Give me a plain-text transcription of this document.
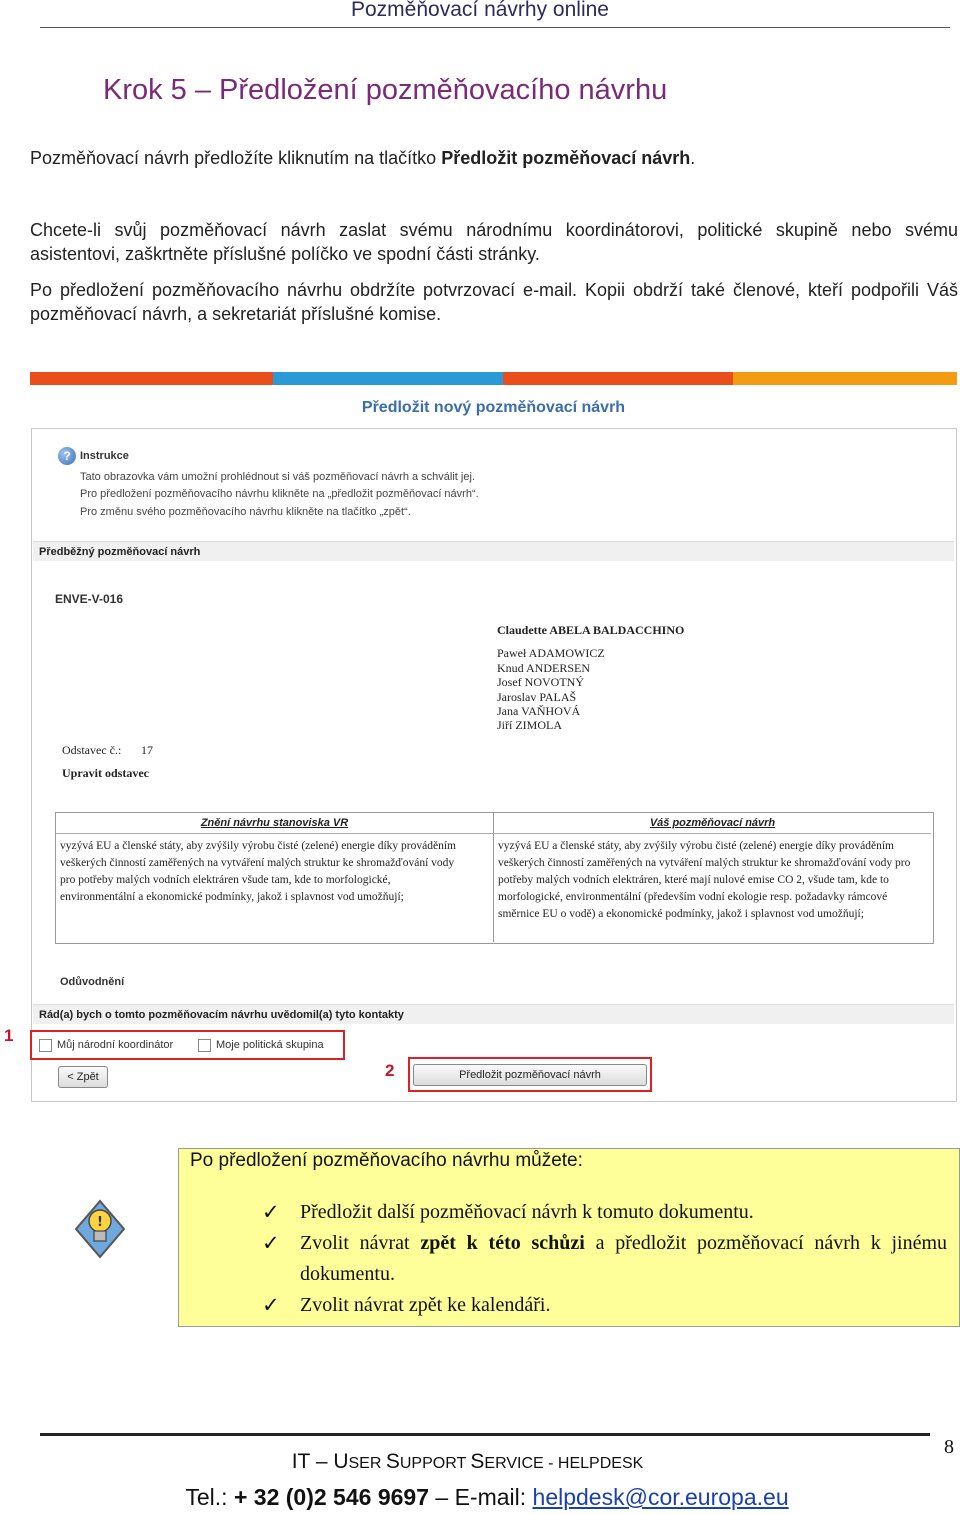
Pozměňovací návrhy online
Krok 5 – Předložení pozměňovacího návrhu
Pozměňovací návrh předložíte kliknutím na tlačítko Předložit pozměňovací návrh.
Chcete-li svůj pozměňovací návrh zaslat svému národnímu koordinátorovi, politické skupině nebo svému asistentovi, zaškrtněte příslušné políčko ve spodní části stránky.
Po předložení pozměňovacího návrhu obdržíte potvrzovací e-mail. Kopii obdrží také členové, kteří podpořili Váš pozměňovací návrh, a sekretariát příslušné komise.
Předložit nový pozměňovací návrh
? Instrukce
Tato obrazovka vám umožní prohlédnout si váš pozměňovací návrh a schválit jej.
Pro předložení pozměňovacího návrhu klikněte na „předložit pozměňovací návrh“.
Pro změnu svého pozměňovacího návrhu klikněte na tlačítko „zpět“.
Předběžný pozměňovací návrh
ENVE-V-016
Claudette ABELA BALDACCHINO
Paweł ADAMOWICZ
Knud ANDERSEN
Josef NOVOTNÝ
Jaroslav PALAŠ
Jana VAŇHOVÁ
Jiří ZIMOLA
Odstavec č.: 17
Upravit odstavec
Znění návrhu stanoviska VR	Váš pozměňovací návrh
vyzývá EU a členské státy, aby zvýšily výrobu čisté (zelené) energie díky prováděním veškerých činností zaměřených na vytváření malých struktur ke shromažďování vody pro potřeby malých vodních elektráren všude tam, kde to morfologické, environmentální a ekonomické podmínky, jakož i splavnost vod umožňují;
vyzývá EU a členské státy, aby zvýšily výrobu čisté (zelené) energie díky prováděním veškerých činností zaměřených na vytváření malých struktur ke shromažďování vody pro potřeby malých vodních elektráren, které mají nulové emise CO 2, všude tam, kde to morfologické, environmentální (především vodní ekologie resp. požadavky rámcové směrnice EU o vodě) a ekonomické podmínky, jakož i splavnost vod umožňují;
Odůvodnění
Rád(a) bych o tomto pozměňovacím návrhu uvědomil(a) tyto kontakty
1	Můj národní koordinátor	Moje politická skupina
< Zpět	2	Předložit pozměňovací návrh
Po předložení pozměňovacího návrhu můžete:
!	✓ Předložit další pozměňovací návrh k tomuto dokumentu.
✓ Zvolit návrat zpět k této schůzi a předložit pozměňovací návrh k jinému dokumentu.
✓ Zvolit návrat zpět ke kalendáři.
8
IT – USER SUPPORT SERVICE - HELPDESK
Tel.: + 32 (0)2 546 9697 – E-mail: helpdesk@cor.europa.eu
